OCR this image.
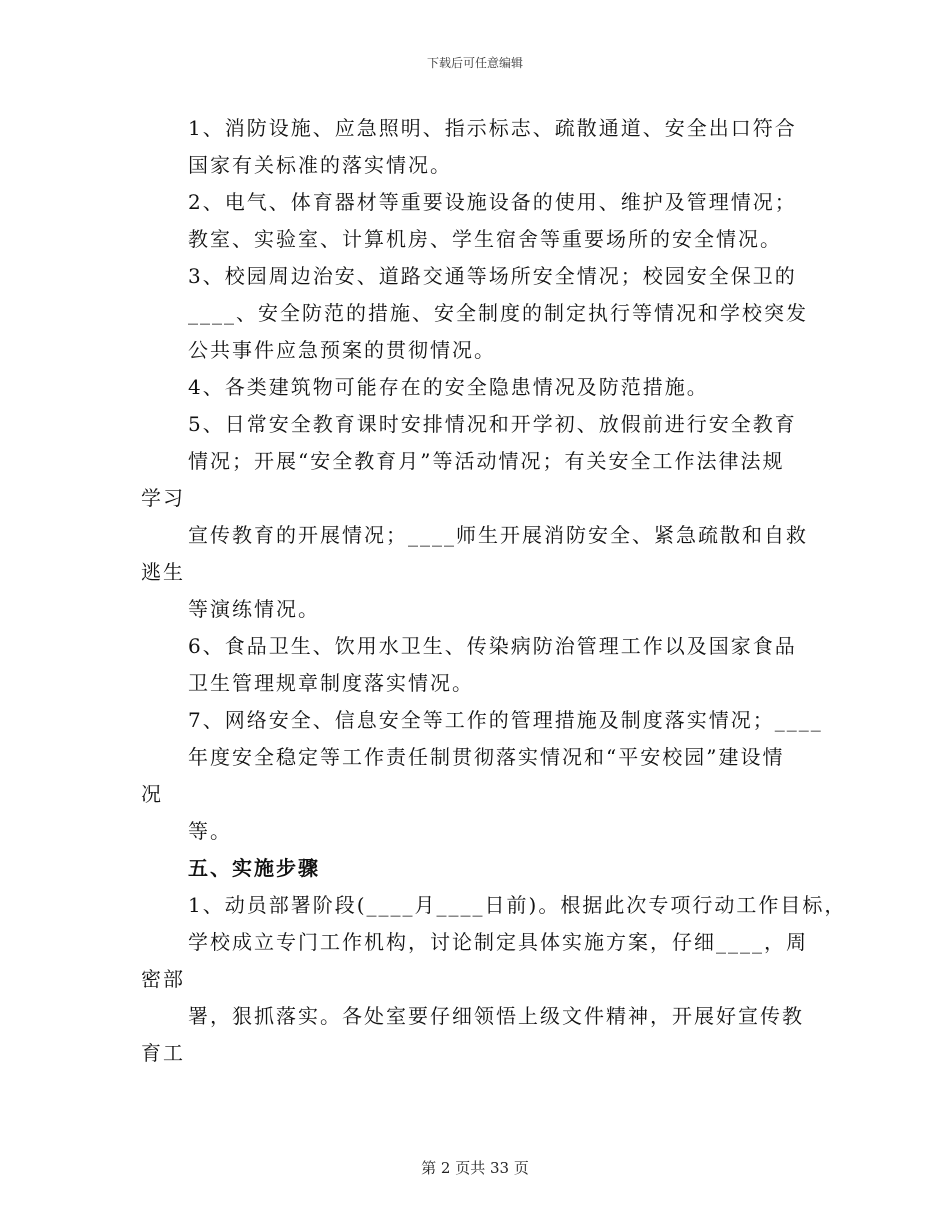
下载后可任意编辑
1、消防设施、应急照明、指示标志、疏散通道、安全出口符合
国家有关标准的落实情况。
2、电气、体育器材等重要设施设备的使用、维护及管理情况；
教室、实验室、计算机房、学生宿舍等重要场所的安全情况。
3、校园周边治安、道路交通等场所安全情况；校园安全保卫的
____、安全防范的措施、安全制度的制定执行等情况和学校突发
公共事件应急预案的贯彻情况。
4、各类建筑物可能存在的安全隐患情况及防范措施。
5、日常安全教育课时安排情况和开学初、放假前进行安全教育
情况；开展“安全教育月”等活动情况；有关安全工作法律法规
学习
宣传教育的开展情况；____师生开展消防安全、紧急疏散和自救
逃生
等演练情况。
6、食品卫生、饮用水卫生、传染病防治管理工作以及国家食品
卫生管理规章制度落实情况。
7、网络安全、信息安全等工作的管理措施及制度落实情况；____
年度安全稳定等工作责任制贯彻落实情况和“平安校园”建设情
况
等。
五、实施步骤
1、动员部署阶段(____月____日前)。根据此次专项行动工作目标，
学校成立专门工作机构，讨论制定具体实施方案，仔细____，周
密部
署，狠抓落实。各处室要仔细领悟上级文件精神，开展好宣传教
育工
第 2 页共 33 页
